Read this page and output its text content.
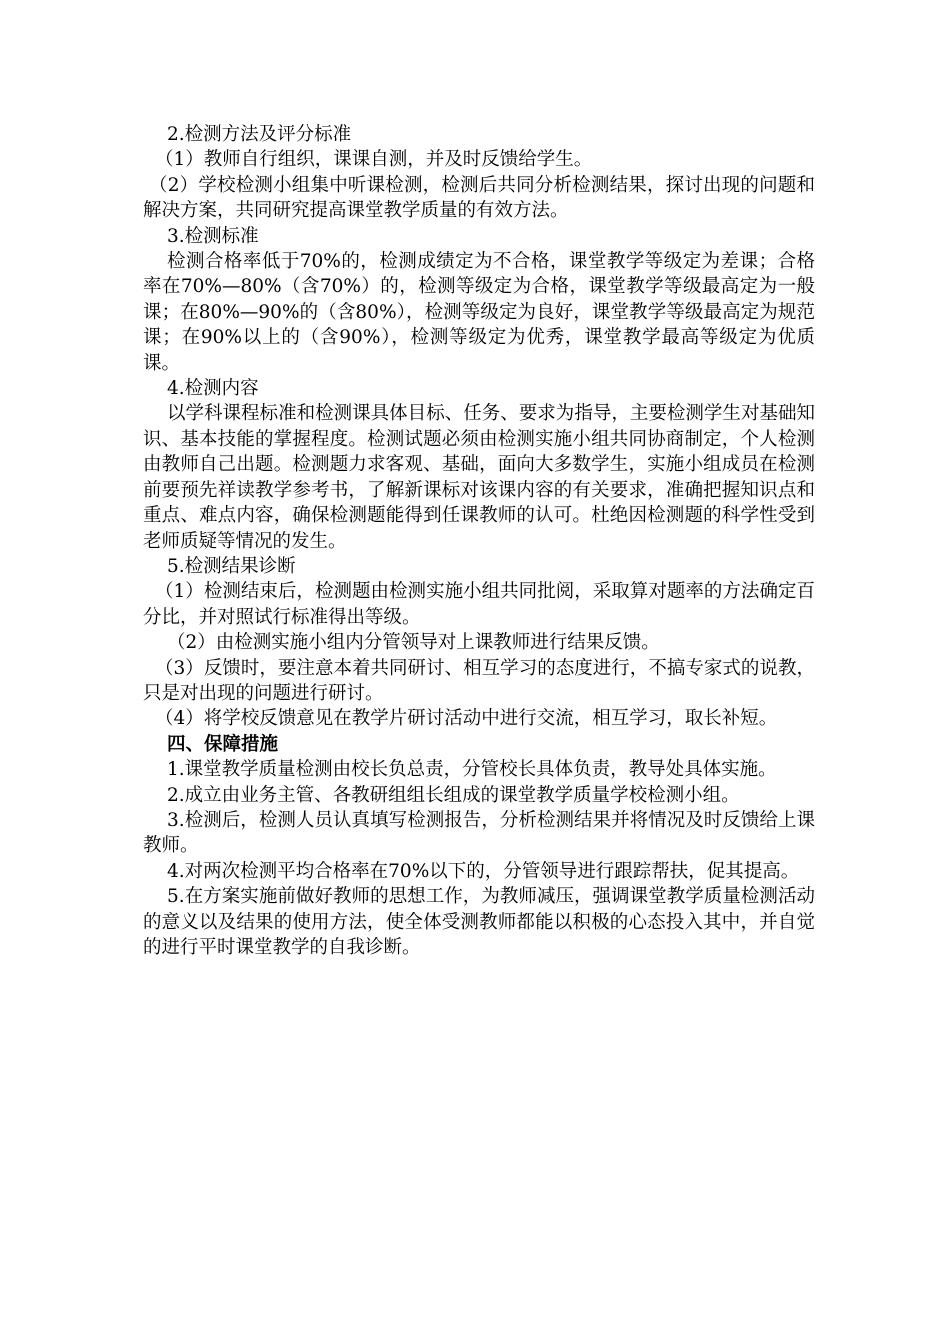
2.检测方法及评分标准

（1）教师自行组织，课课自测，并及时反馈给学生。

（2）学校检测小组集中听课检测，检测后共同分析检测结果，探讨出现的问题和解决方案，共同研究提高课堂教学质量的有效方法。

3.检测标准

检测合格率低于70%的，检测成绩定为不合格，课堂教学等级定为差课；合格率在70%—80%（含70%）的，检测等级定为合格，课堂教学等级最高定为一般课；在80%—90%的（含80%），检测等级定为良好，课堂教学等级最高定为规范课；在90%以上的（含90%），检测等级定为优秀，课堂教学最高等级定为优质课。

4.检测内容

以学科课程标准和检测课具体目标、任务、要求为指导，主要检测学生对基础知识、基本技能的掌握程度。检测试题必须由检测实施小组共同协商制定，个人检测由教师自己出题。检测题力求客观、基础，面向大多数学生，实施小组成员在检测前要预先祥读教学参考书，了解新课标对该课内容的有关要求，准确把握知识点和重点、难点内容，确保检测题能得到任课教师的认可。杜绝因检测题的科学性受到老师质疑等情况的发生。

5.检测结果诊断

（1）检测结束后，检测题由检测实施小组共同批阅，采取算对题率的方法确定百分比，并对照试行标准得出等级。

（2）由检测实施小组内分管领导对上课教师进行结果反馈。

（3）反馈时，要注意本着共同研讨、相互学习的态度进行，不搞专家式的说教，只是对出现的问题进行研讨。

（4）将学校反馈意见在教学片研讨活动中进行交流，相互学习，取长补短。

四、保障措施

1.课堂教学质量检测由校长负总责，分管校长具体负责，教导处具体实施。

2.成立由业务主管、各教研组组长组成的课堂教学质量学校检测小组。

3.检测后，检测人员认真填写检测报告，分析检测结果并将情况及时反馈给上课教师。

4.对两次检测平均合格率在70%以下的，分管领导进行跟踪帮扶，促其提高。

5.在方案实施前做好教师的思想工作，为教师减压，强调课堂教学质量检测活动的意义以及结果的使用方法，使全体受测教师都能以积极的心态投入其中，并自觉的进行平时课堂教学的自我诊断。
